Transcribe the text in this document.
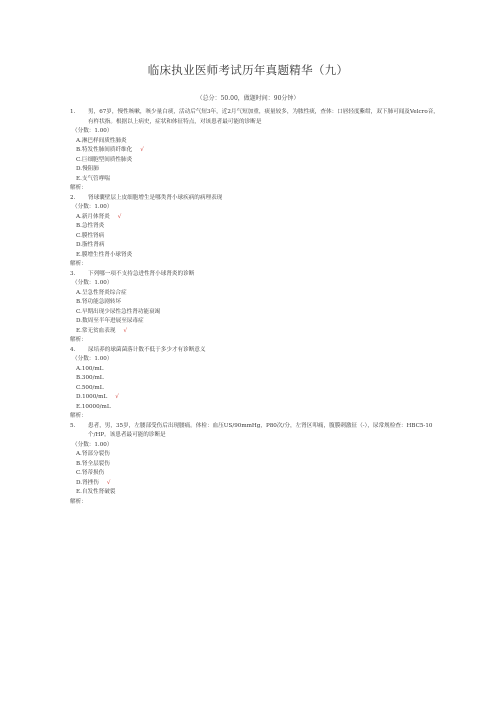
临床执业医师考试历年真题精华（九）
（总分：50.00，做题时间：90分钟）
1.	男，67岁，慢性咳嗽，咳少量白痰，活动后气短3年，近2月气短加重，痰量较多，为脓性痰，查体：口唇轻度紫绀，双下肺可闻及Velcro音，有杵状指。根据以上病史，症状和体征特点，对该患者最可能的诊断是
（分数：1.00）
A.淋巴样间质性肺炎
B.特发性肺间质纤维化 √
C.巨细胞型间质性肺炎
D.慢阻肺
E.支气管哮喘
解析：
2.	肾球囊壁层上皮细胞增生是哪类肾小球疾病的病理表现
（分数：1.00）
A.新月体肾炎 √
B.急性肾炎
C.膜性肾病
D.脂性肾病
E.膜增生性肾小球肾炎
解析：
3.	下列哪一项不支持急进性肾小球肾炎的诊断
（分数：1.00）
A.呈急性肾炎综合症
B.肾功能急剧转坏
C.早期出现少尿性急性肾功能衰竭
D.数周至半年进展至尿毒症
E.常无贫血表现 √
解析：
4.	尿培养的球菌菌落计数不低于多少才有诊断意义
（分数：1.00）
A.100/mL
B.300/mL
C.500/mL
D.1000/mL √
E.10000/mL
解析：
5.	患者，男，35岁，左腰部受伤后出现腰痛。体检：血压US/90mmHg，P80次/分，左肾区叩痛，腹膜刺激征（-），尿常规检查：HBC5-10个/HP。该患者最可能的诊断是
（分数：1.00）
A.肾部分裂伤
B.肾全层裂伤
C.肾蒂损伤
D.肾挫伤 √
E.自发性肾破裂
解析：
